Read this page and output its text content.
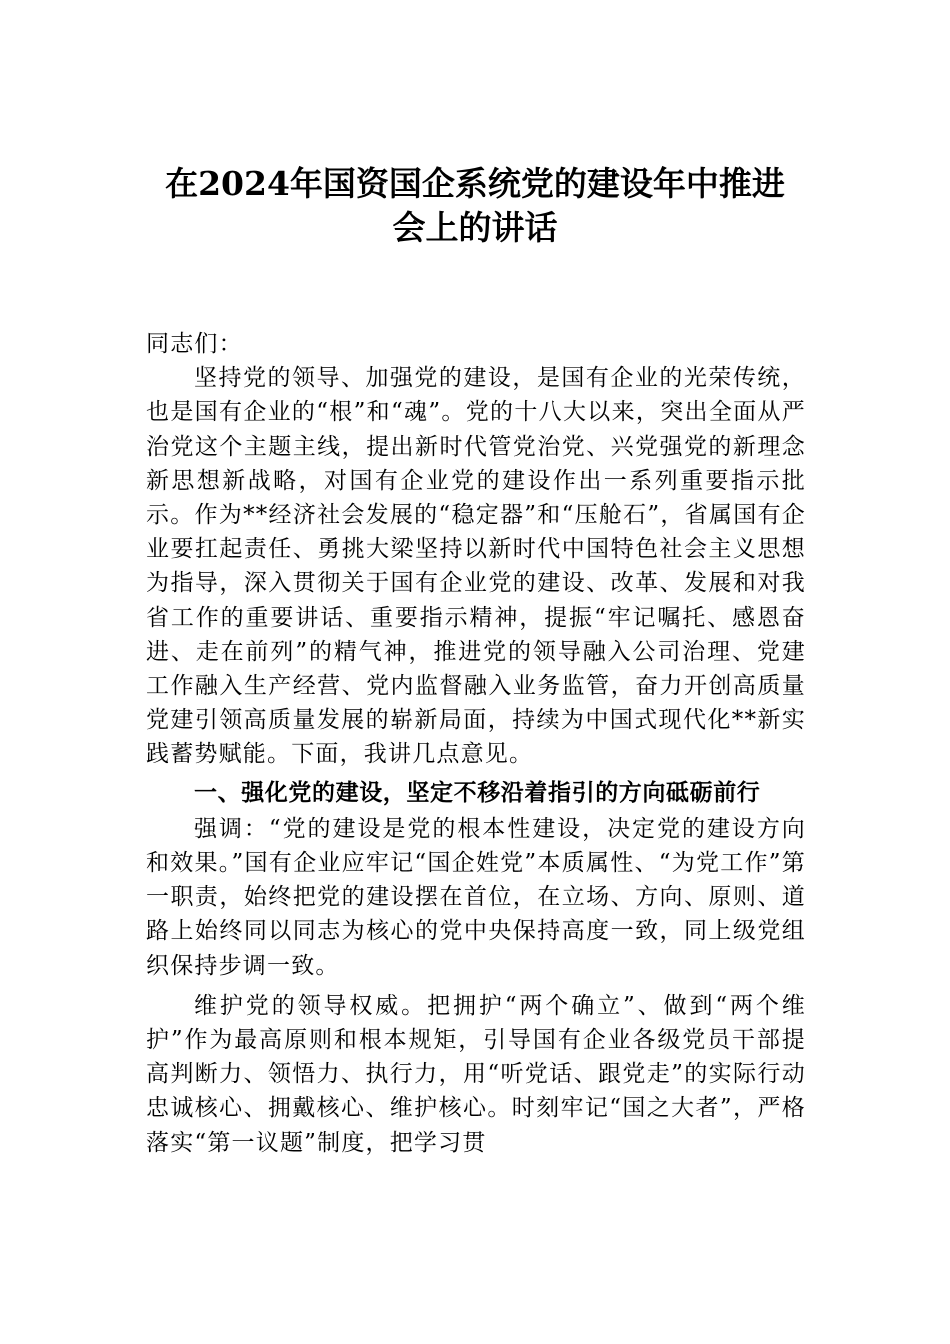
在2024年国资国企系统党的建设年中推进
会上的讲话

同志们：

坚持党的领导、加强党的建设，是国有企业的光荣传统，也是国有企业的“根”和“魂”。党的十八大以来，突出全面从严治党这个主题主线，提出新时代管党治党、兴党强党的新理念新思想新战略，对国有企业党的建设作出一系列重要指示批示。作为**经济社会发展的“稳定器”和“压舱石”，省属国有企业要扛起责任、勇挑大梁坚持以新时代中国特色社会主义思想为指导，深入贯彻关于国有企业党的建设、改革、发展和对我省工作的重要讲话、重要指示精神，提振“牢记嘱托、感恩奋进、走在前列”的精气神，推进党的领导融入公司治理、党建工作融入生产经营、党内监督融入业务监管，奋力开创高质量党建引领高质量发展的崭新局面，持续为中国式现代化**新实践蓄势赋能。下面，我讲几点意见。

一、强化党的建设，坚定不移沿着指引的方向砥砺前行

强调：“党的建设是党的根本性建设，决定党的建设方向和效果。”国有企业应牢记“国企姓党”本质属性、“为党工作”第一职责，始终把党的建设摆在首位，在立场、方向、原则、道路上始终同以同志为核心的党中央保持高度一致，同上级党组织保持步调一致。

维护党的领导权威。把拥护“两个确立”、做到“两个维护”作为最高原则和根本规矩，引导国有企业各级党员干部提高判断力、领悟力、执行力，用“听党话、跟党走”的实际行动忠诚核心、拥戴核心、维护核心。时刻牢记“国之大者”，严格落实“第一议题”制度，把学习贯
